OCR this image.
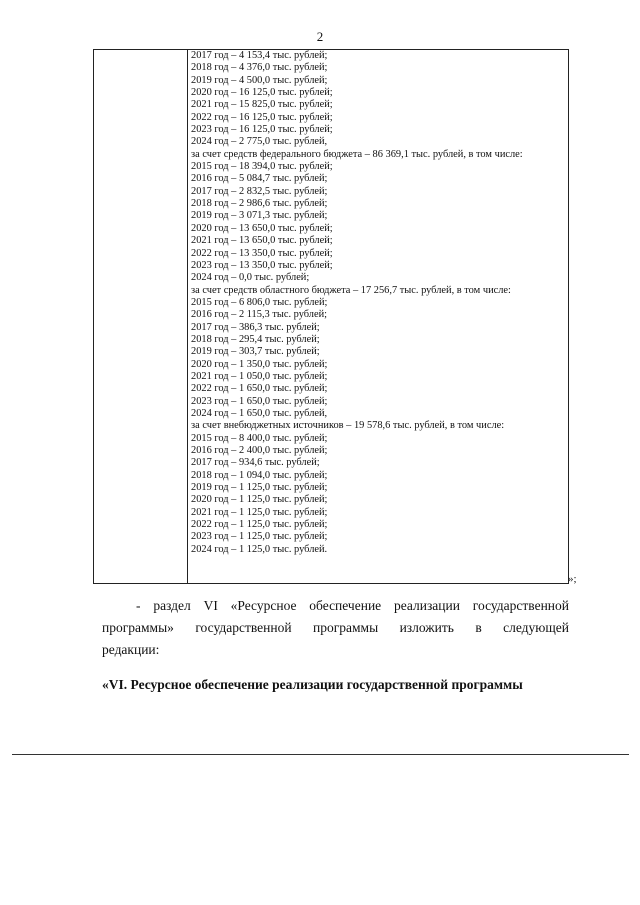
2
2017 год – 4 153,4 тыс. рублей;
2018 год – 4 376,0 тыс. рублей;
2019 год – 4 500,0 тыс. рублей;
2020 год – 16 125,0 тыс. рублей;
2021 год – 15 825,0 тыс. рублей;
2022 год – 16 125,0 тыс. рублей;
2023 год – 16 125,0 тыс. рублей;
2024 год – 2 775,0 тыс. рублей,
за счет средств федерального бюджета – 86 369,1 тыс. рублей, в том числе:
2015 год – 18 394,0 тыс. рублей;
2016 год – 5 084,7 тыс. рублей;
2017 год – 2 832,5 тыс. рублей;
2018 год – 2 986,6 тыс. рублей;
2019 год – 3 071,3 тыс. рублей;
2020 год – 13 650,0 тыс. рублей;
2021 год – 13 650,0 тыс. рублей;
2022 год – 13 350,0 тыс. рублей;
2023 год – 13 350,0 тыс. рублей;
2024 год – 0,0 тыс. рублей;
за счет средств областного бюджета – 17 256,7 тыс. рублей, в том числе:
2015 год – 6 806,0 тыс. рублей;
2016 год – 2 115,3 тыс. рублей;
2017 год – 386,3 тыс. рублей;
2018 год – 295,4 тыс. рублей;
2019 год – 303,7 тыс. рублей;
2020 год – 1 350,0 тыс. рублей;
2021 год – 1 050,0 тыс. рублей;
2022 год – 1 650,0 тыс. рублей;
2023 год – 1 650,0 тыс. рублей;
2024 год – 1 650,0 тыс. рублей,
за счет внебюджетных источников – 19 578,6 тыс. рублей, в том числе:
2015 год – 8 400,0 тыс. рублей;
2016 год – 2 400,0 тыс. рублей;
2017 год – 934,6 тыс. рублей;
2018 год – 1 094,0 тыс. рублей;
2019 год – 1 125,0 тыс. рублей;
2020 год – 1 125,0 тыс. рублей;
2021 год – 1 125,0 тыс. рублей;
2022 год – 1 125,0 тыс. рублей;
2023 год – 1 125,0 тыс. рублей;
2024 год – 1 125,0 тыс. рублей.
»;
- раздел VI «Ресурсное обеспечение реализации государственной
программы» государственной программы изложить в следующей
редакции:
«VI. Ресурсное обеспечение реализации государственной программы
